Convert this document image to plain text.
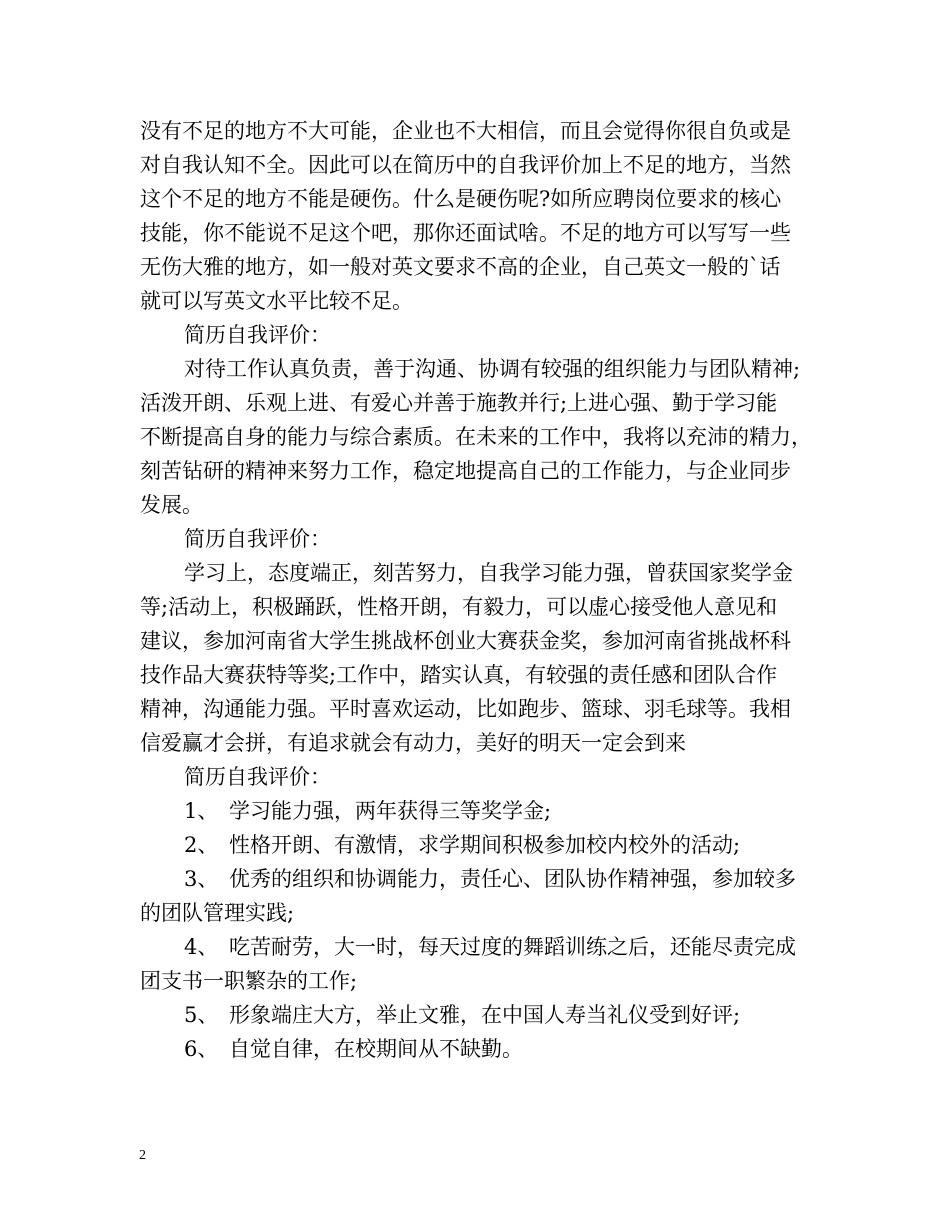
没有不足的地方不大可能，企业也不大相信，而且会觉得你很自负或是
对自我认知不全。因此可以在简历中的自我评价加上不足的地方，当然
这个不足的地方不能是硬伤。什么是硬伤呢?如所应聘岗位要求的核心
技能，你不能说不足这个吧，那你还面试啥。不足的地方可以写写一些
无伤大雅的地方，如一般对英文要求不高的企业，自己英文一般的`话
就可以写英文水平比较不足。
简历自我评价：
对待工作认真负责，善于沟通、协调有较强的组织能力与团队精神;
活泼开朗、乐观上进、有爱心并善于施教并行;上进心强、勤于学习能
不断提高自身的能力与综合素质。在未来的工作中，我将以充沛的精力，
刻苦钻研的精神来努力工作，稳定地提高自己的工作能力，与企业同步
发展。
简历自我评价：
学习上，态度端正，刻苦努力，自我学习能力强，曾获国家奖学金
等;活动上，积极踊跃，性格开朗，有毅力，可以虚心接受他人意见和
建议，参加河南省大学生挑战杯创业大赛获金奖，参加河南省挑战杯科
技作品大赛获特等奖;工作中，踏实认真，有较强的责任感和团队合作
精神，沟通能力强。平时喜欢运动，比如跑步、篮球、羽毛球等。我相
信爱赢才会拼，有追求就会有动力，美好的明天一定会到来
简历自我评价：
1、 学习能力强，两年获得三等奖学金;
2、 性格开朗、有激情，求学期间积极参加校内校外的活动;
3、 优秀的组织和协调能力，责任心、团队协作精神强，参加较多
的团队管理实践;
4、 吃苦耐劳，大一时，每天过度的舞蹈训练之后，还能尽责完成
团支书一职繁杂的工作;
5、 形象端庄大方，举止文雅，在中国人寿当礼仪受到好评;
6、 自觉自律，在校期间从不缺勤。
2
